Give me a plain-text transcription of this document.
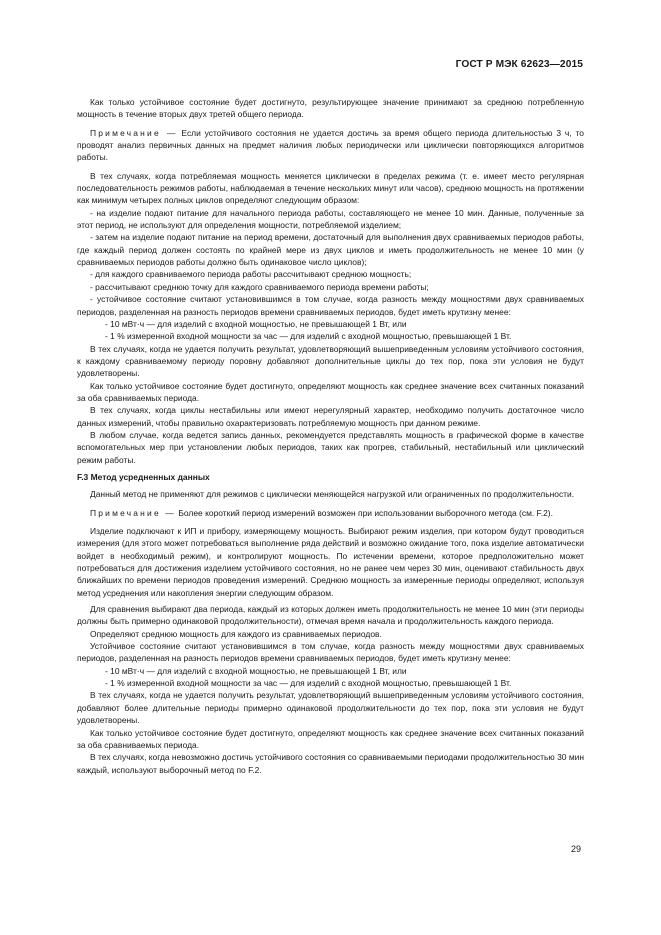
ГОСТ Р МЭК 62623—2015

Как только устойчивое состояние будет достигнуто, результирующее значение принимают за среднюю потребленную мощность в течение вторых двух третей общего периода.

Примечание — Если устойчивого состояния не удается достичь за время общего периода длительностью 3 ч, то проводят анализ первичных данных на предмет наличия любых периодически или циклически повторяющихся алгоритмов работы.

В тех случаях, когда потребляемая мощность меняется циклически в пределах режима (т. е. имеет место регулярная последовательность режимов работы, наблюдаемая в течение нескольких минут или часов), среднюю мощность на протяжении как минимум четырех полных циклов определяют следующим образом:

- на изделие подают питание для начального периода работы, составляющего не менее 10 мин. Данные, полученные за этот период, не используют для определения мощности, потребляемой изделием;

- затем на изделие подают питание на период времени, достаточный для выполнения двух сравниваемых периодов работы, где каждый период должен состоять по крайней мере из двух циклов и иметь продолжительность не менее 10 мин (у сравниваемых периодов работы должно быть одинаковое число циклов);

- для каждого сравниваемого периода работы рассчитывают среднюю мощность;

- рассчитывают среднюю точку для каждого сравниваемого периода времени работы;

- устойчивое состояние считают установившимся в том случае, когда разность между мощностями двух сравниваемых периодов, разделенная на разность периодов времени сравниваемых периодов, будет иметь крутизну менее:

- 10 мВт·ч — для изделий с входной мощностью, не превышающей 1 Вт, или

- 1 % измеренной входной мощности за час — для изделий с входной мощностью, превышающей 1 Вт.

В тех случаях, когда не удается получить результат, удовлетворяющий вышеприведенным условиям устойчивого состояния, к каждому сравниваемому периоду поровну добавляют дополнительные циклы до тех пор, пока эти условия не будут удовлетворены.

Как только устойчивое состояние будет достигнуто, определяют мощность как среднее значение всех считанных показаний за оба сравниваемых периода.

В тех случаях, когда циклы нестабильны или имеют нерегулярный характер, необходимо получить достаточное число данных измерений, чтобы правильно охарактеризовать потребляемую мощность при данном режиме.

В любом случае, когда ведется запись данных, рекомендуется представлять мощность в графической форме в качестве вспомогательных мер при установлении любых периодов, таких как прогрев, стабильный, нестабильный или циклический режим работы.

F.3 Метод усредненных данных

Данный метод не применяют для режимов с циклически меняющейся нагрузкой или ограниченных по продолжительности.

Примечание — Более короткий период измерений возможен при использовании выборочного метода (см. F.2).

Изделие подключают к ИП и прибору, измеряющему мощность. Выбирают режим изделия, при котором будут проводиться измерения (для этого может потребоваться выполнение ряда действий и возможно ожидание того, пока изделие автоматически войдет в необходимый режим), и контролируют мощность. По истечении времени, которое предположительно может потребоваться для достижения изделием устойчивого состояния, но не ранее чем через 30 мин, оценивают стабильность двух ближайших по времени периодов проведения измерений. Среднюю мощность за измеренные периоды определяют, используя метод усреднения или накопления энергии следующим образом.

Для сравнения выбирают два периода, каждый из которых должен иметь продолжительность не менее 10 мин (эти периоды должны быть примерно одинаковой продолжительности), отмечая время начала и продолжительность каждого периода.

Определяют среднюю мощность для каждого из сравниваемых периодов.

Устойчивое состояние считают установившимся в том случае, когда разность между мощностями двух сравниваемых периодов, разделенная на разность периодов времени сравниваемых периодов, будет иметь крутизну менее:

- 10 мВт·ч — для изделий с входной мощностью, не превышающей 1 Вт, или

- 1 % измеренной входной мощности за час — для изделий с входной мощностью, превышающей 1 Вт.

В тех случаях, когда не удается получить результат, удовлетворяющий вышеприведенным условиям устойчивого состояния, добавляют более длительные периоды примерно одинаковой продолжительности до тех пор, пока эти условия не будут удовлетворены.

Как только устойчивое состояние будет достигнуто, определяют мощность как среднее значение всех считанных показаний за оба сравниваемых периода.

В тех случаях, когда невозможно достичь устойчивого состояния со сравниваемыми периодами продолжительностью 30 мин каждый, используют выборочный метод по F.2.

29
